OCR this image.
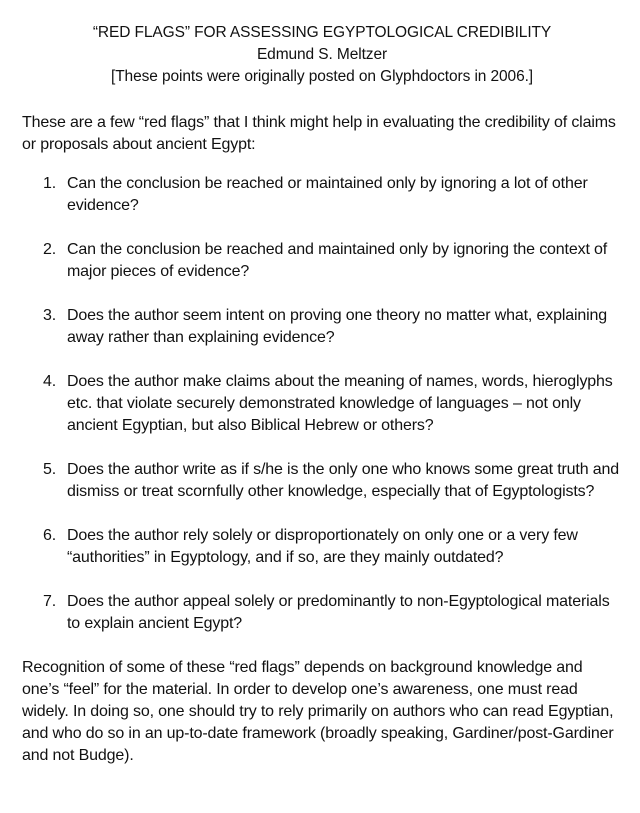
“RED FLAGS” FOR ASSESSING EGYPTOLOGICAL CREDIBILITY
Edmund S. Meltzer
[These points were originally posted on Glyphdoctors in 2006.]

These are a few “red flags” that I think might help in evaluating the credibility of claims or proposals about ancient Egypt:

1. Can the conclusion be reached or maintained only by ignoring a lot of other evidence?
2. Can the conclusion be reached and maintained only by ignoring the context of major pieces of evidence?
3. Does the author seem intent on proving one theory no matter what, explaining away rather than explaining evidence?
4. Does the author make claims about the meaning of names, words, hieroglyphs etc. that violate securely demonstrated knowledge of languages – not only ancient Egyptian, but also Biblical Hebrew or others?
5. Does the author write as if s/he is the only one who knows some great truth and dismiss or treat scornfully other knowledge, especially that of Egyptologists?
6. Does the author rely solely or disproportionately on only one or a very few “authorities” in Egyptology, and if so, are they mainly outdated?
7. Does the author appeal solely or predominantly to non-Egyptological materials to explain ancient Egypt?

Recognition of some of these “red flags” depends on background knowledge and one’s “feel” for the material. In order to develop one’s awareness, one must read widely. In doing so, one should try to rely primarily on authors who can read Egyptian, and who do so in an up-to-date framework (broadly speaking, Gardiner/post-Gardiner and not Budge).
